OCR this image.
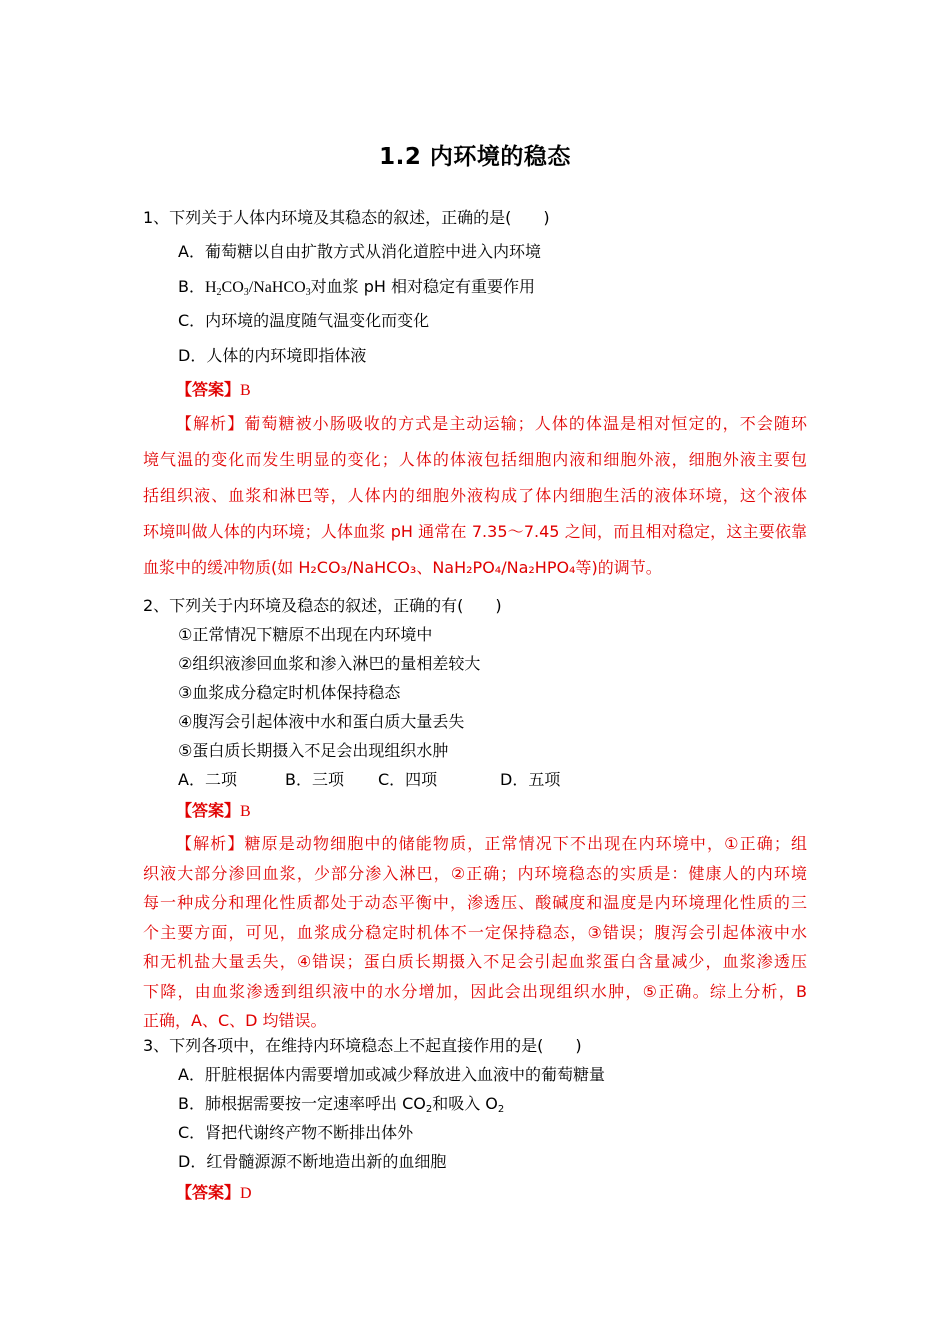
1.2 内环境的稳态
1、下列关于人体内环境及其稳态的叙述，正确的是(　　)
A．葡萄糖以自由扩散方式从消化道腔中进入内环境
B．$H_2CO_3/NaHCO_3$对血浆 pH 相对稳定有重要作用
C．内环境的温度随气温变化而变化
D．人体的内环境即指体液
【答案】B
【解析】葡萄糖被小肠吸收的方式是主动运输；人体的体温是相对恒定的，不会随环
境气温的变化而发生明显的变化；人体的体液包括细胞内液和细胞外液，细胞外液主要包
括组织液、血浆和淋巴等，人体内的细胞外液构成了体内细胞生活的液体环境，这个液体
环境叫做人体的内环境；人体血浆 pH 通常在 7.35～7.45 之间，而且相对稳定，这主要依靠
血浆中的缓冲物质(如 H₂CO₃/NaHCO₃、NaH₂PO₄/Na₂HPO₄等)的调节。
2、下列关于内环境及稳态的叙述，正确的有(　　)
①正常情况下糖原不出现在内环境中
②组织液渗回血浆和渗入淋巴的量相差较大
③血浆成分稳定时机体保持稳态
④腹泻会引起体液中水和蛋白质大量丢失
⑤蛋白质长期摄入不足会出现组织水肿
A．二项	B．三项 C．四项	D．五项
【答案】B
【解析】糖原是动物细胞中的储能物质，正常情况下不出现在内环境中，①正确；组
织液大部分渗回血浆，少部分渗入淋巴，②正确；内环境稳态的实质是：健康人的内环境
每一种成分和理化性质都处于动态平衡中，渗透压、酸碱度和温度是内环境理化性质的三
个主要方面，可见，血浆成分稳定时机体不一定保持稳态，③错误；腹泻会引起体液中水
和无机盐大量丢失，④错误；蛋白质长期摄入不足会引起血浆蛋白含量减少，血浆渗透压
下降，由血浆渗透到组织液中的水分增加，因此会出现组织水肿，⑤正确。综上分析，B
正确，A、C、D 均错误。
3、下列各项中，在维持内环境稳态上不起直接作用的是(　　)
A．肝脏根据体内需要增加或减少释放进入血液中的葡萄糖量
B．肺根据需要按一定速率呼出 $CO_2$和吸入 $O_2$
C．肾把代谢终产物不断排出体外
D．红骨髓源源不断地造出新的血细胞
【答案】D
